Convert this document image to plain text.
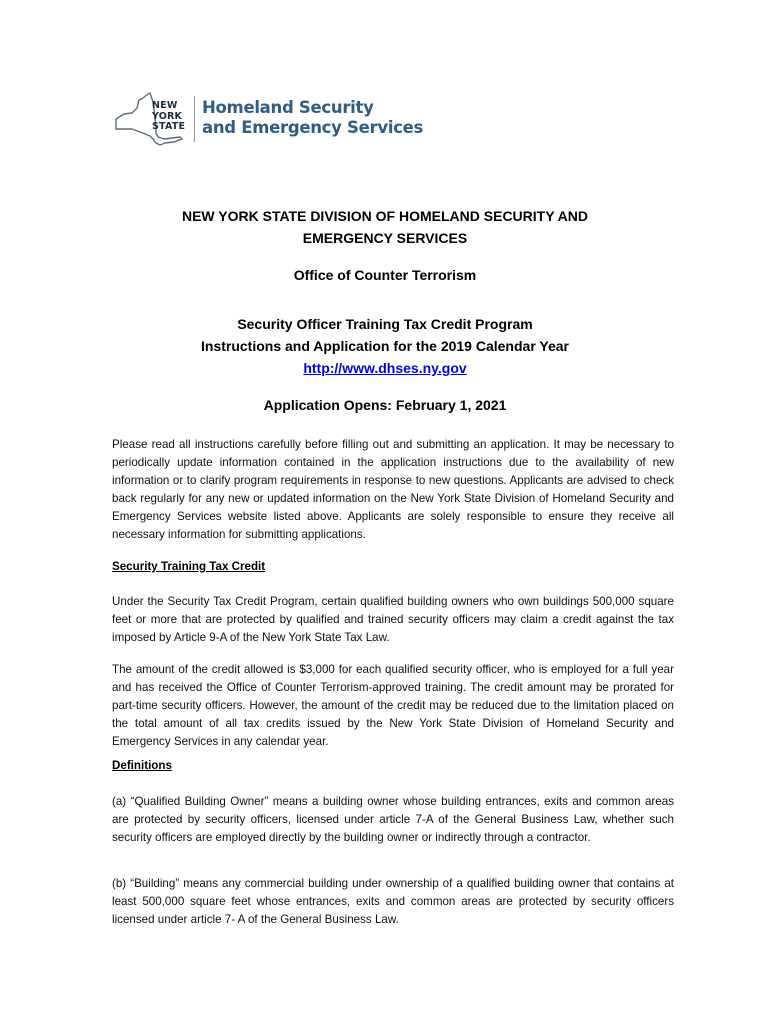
NEW
YORK
STATE
Homeland Security
and Emergency Services
NEW YORK STATE DIVISION OF HOMELAND SECURITY AND
EMERGENCY SERVICES
Office of Counter Terrorism
Security Officer Training Tax Credit Program
Instructions and Application for the 2019 Calendar Year
http://www.dhses.ny.gov
Application Opens: February 1, 2021
Please read all instructions carefully before filling out and submitting an application. It may be necessary to periodically update information contained in the application instructions due to the availability of new information or to clarify program requirements in response to new questions. Applicants are advised to check back regularly for any new or updated information on the New York State Division of Homeland Security and Emergency Services website listed above. Applicants are solely responsible to ensure they receive all necessary information for submitting applications.
Security Training Tax Credit
Under the Security Tax Credit Program, certain qualified building owners who own buildings 500,000 square feet or more that are protected by qualified and trained security officers may claim a credit against the tax imposed by Article 9-A of the New York State Tax Law.
The amount of the credit allowed is $3,000 for each qualified security officer, who is employed for a full year and has received the Office of Counter Terrorism-approved training. The credit amount may be prorated for part-time security officers. However, the amount of the credit may be reduced due to the limitation placed on the total amount of all tax credits issued by the New York State Division of Homeland Security and Emergency Services in any calendar year.
Definitions
(a) “Qualified Building Owner” means a building owner whose building entrances, exits and common areas are protected by security officers, licensed under article 7-A of the General Business Law, whether such security officers are employed directly by the building owner or indirectly through a contractor.
(b) “Building” means any commercial building under ownership of a qualified building owner that contains at least 500,000 square feet whose entrances, exits and common areas are protected by security officers licensed under article 7- A of the General Business Law.
